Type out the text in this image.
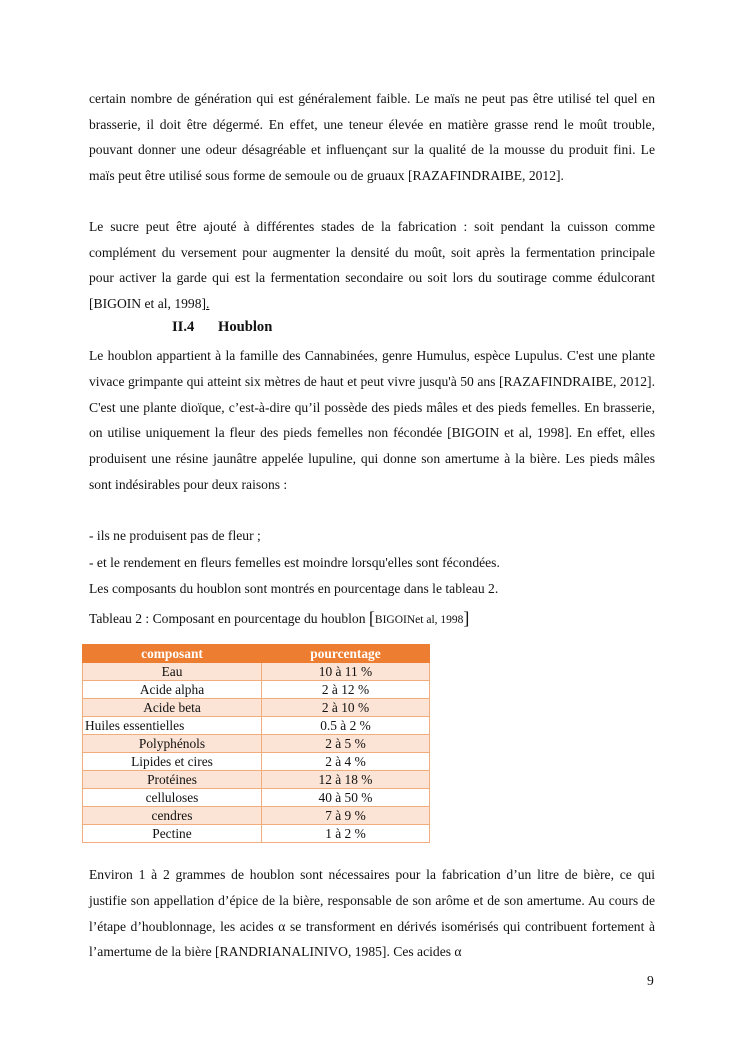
certain nombre de génération qui est généralement faible. Le maïs ne peut pas être utilisé tel quel en brasserie, il doit être dégermé. En effet, une teneur élevée en matière grasse rend le moût trouble, pouvant donner une odeur désagréable et influençant sur la qualité de la mousse du produit fini. Le maïs peut être utilisé sous forme de semoule ou de gruaux [RAZAFINDRAIBE, 2012].
Le sucre peut être ajouté à différentes stades de la fabrication : soit pendant la cuisson comme complément du versement pour augmenter la densité du moût, soit après la fermentation principale pour activer la garde qui est la fermentation secondaire ou soit lors du soutirage comme édulcorant [BIGOIN et al, 1998].
II.4 Houblon
Le houblon appartient à la famille des Cannabinées, genre Humulus, espèce Lupulus. C'est une plante vivace grimpante qui atteint six mètres de haut et peut vivre jusqu'à 50 ans [RAZAFINDRAIBE, 2012]. C'est une plante dioïque, c’est-à-dire qu’il possède des pieds mâles et des pieds femelles. En brasserie, on utilise uniquement la fleur des pieds femelles non fécondée [BIGOIN et al, 1998]. En effet, elles produisent une résine jaunâtre appelée lupuline, qui donne son amertume à la bière. Les pieds mâles sont indésirables pour deux raisons :
- ils ne produisent pas de fleur ;
- et le rendement en fleurs femelles est moindre lorsqu'elles sont fécondées.
Les composants du houblon sont montrés en pourcentage dans le tableau 2.
Tableau 2 : Composant en pourcentage du houblon [BIGOINet al, 1998]
composant	pourcentage
Eau	10 à 11 %
Acide alpha	2 à 12 %
Acide beta	2 à 10 %
Huiles essentielles	0.5 à 2 %
Polyphénols	2 à 5 %
Lipides et cires	2 à 4 %
Protéines	12 à 18 %
celluloses	40 à 50 %
cendres	7 à 9 %
Pectine	1 à 2 %
Environ 1 à 2 grammes de houblon sont nécessaires pour la fabrication d’un litre de bière, ce qui justifie son appellation d’épice de la bière, responsable de son arôme et de son amertume. Au cours de l’étape d’houblonnage, les acides α se transforment en dérivés isomérisés qui contribuent fortement à l’amertume de la bière [RANDRIANALINIVO, 1985]. Ces acides α
9
